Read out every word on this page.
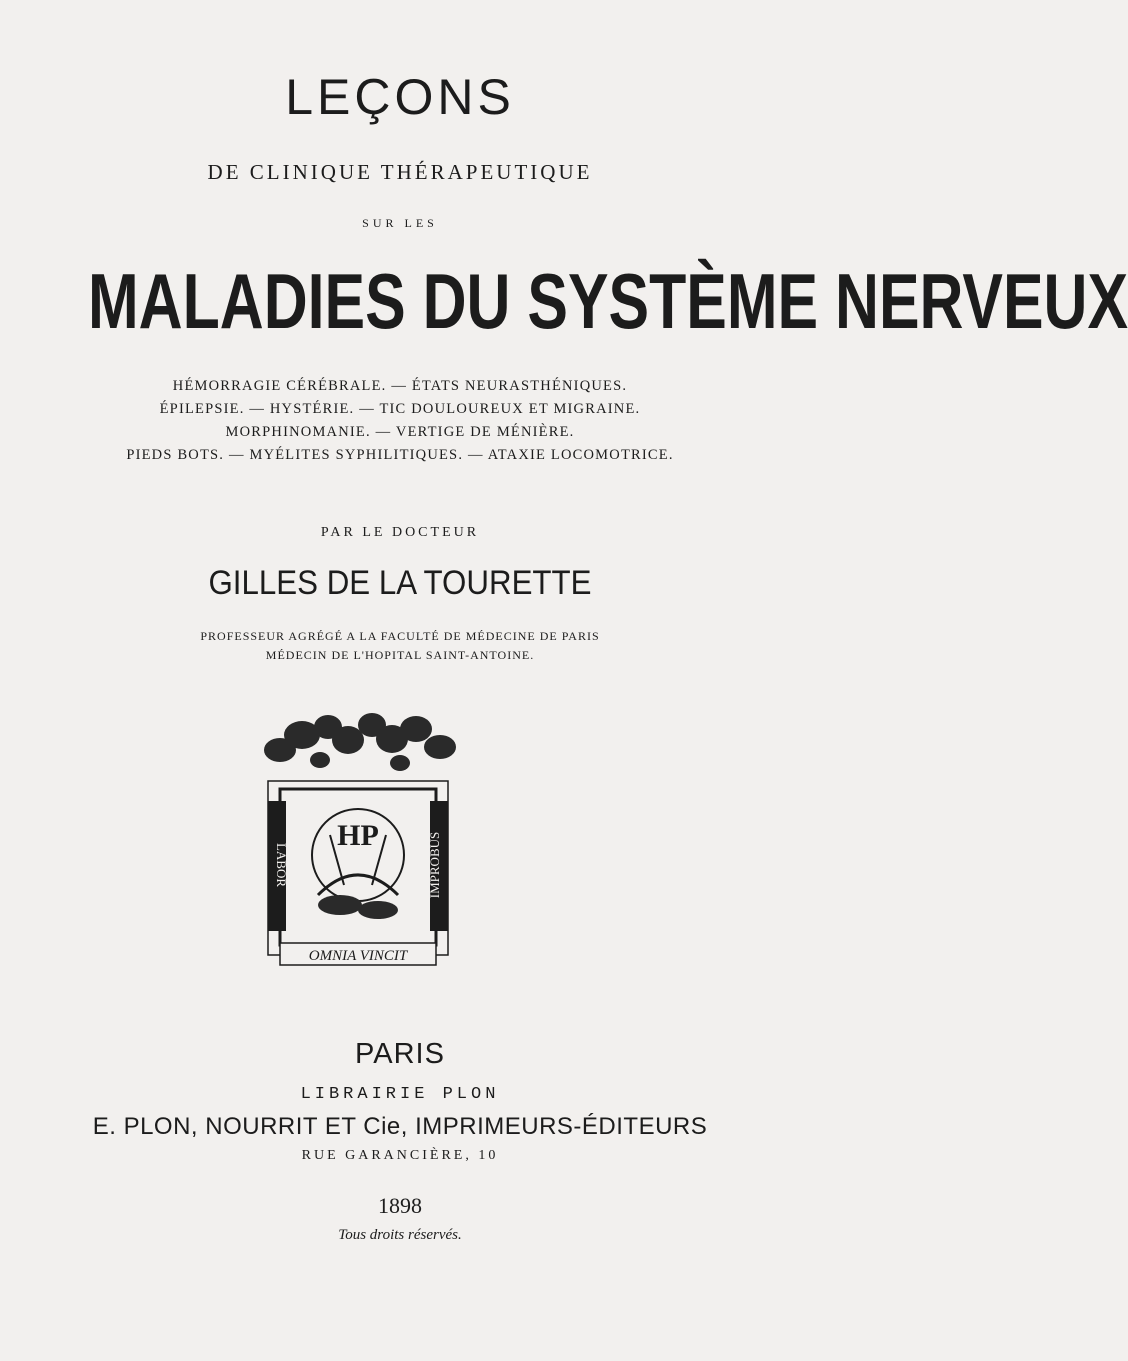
LEÇONS
DE CLINIQUE THÉRAPEUTIQUE
SUR LES
MALADIES DU SYSTÈME NERVEUX
HÉMORRAGIE CÉRÉBRALE. — ÉTATS NEURASTHÉNIQUES.
ÉPILEPSIE. — HYSTÉRIE. — TIC DOULOUREUX ET MIGRAINE.
MORPHINOMANIE. — VERTIGE DE MÉNIÈRE.
PIEDS BOTS. — MYÉLITES SYPHILITIQUES. — ATAXIE LOCOMOTRICE.
PAR LE DOCTEUR
GILLES DE LA TOURETTE
PROFESSEUR AGRÉGÉ A LA FACULTÉ DE MÉDECINE DE PARIS
MÉDECIN DE L'HOPITAL SAINT-ANTOINE.
LABOR	IMPROBUS
HP
OMNIA VINCIT
PARIS
LIBRAIRIE PLON
E. PLON, NOURRIT ET Cie, IMPRIMEURS-ÉDITEURS
RUE GARANCIÈRE, 10
1898
Tous droits réservés.
